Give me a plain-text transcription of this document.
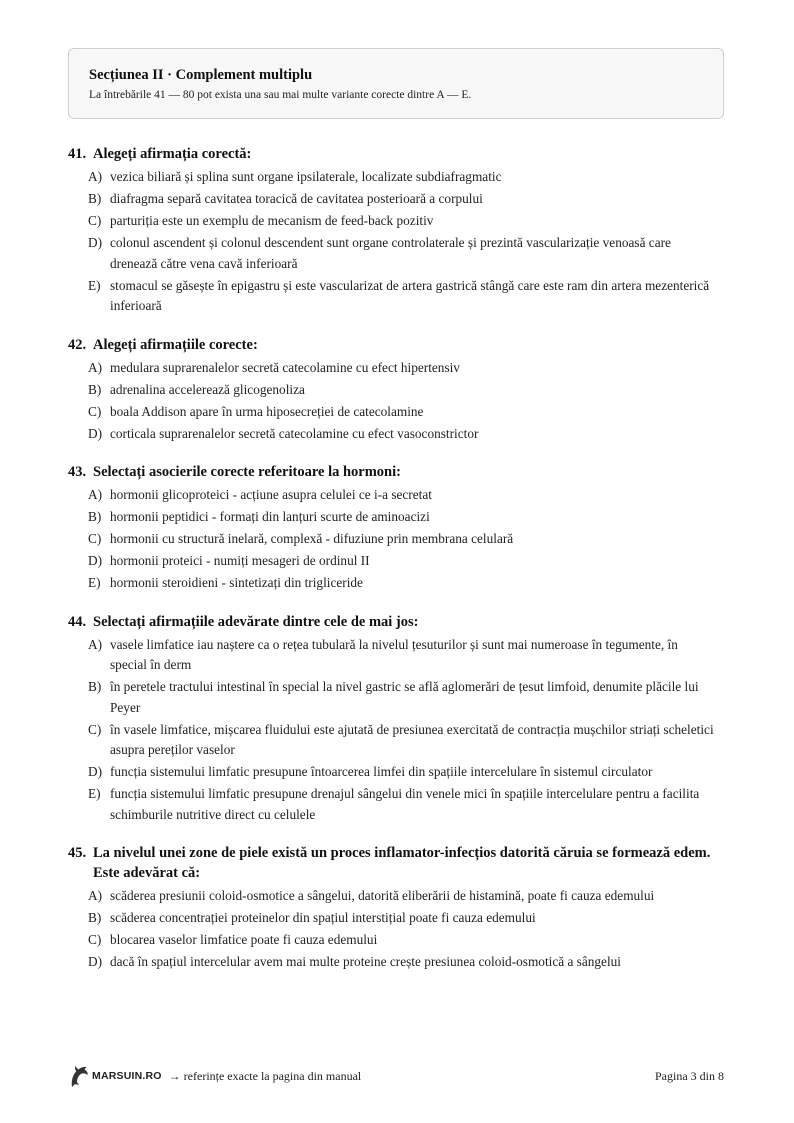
Secțiunea II · Complement multiplu
La întrebările 41 — 80 pot exista una sau mai multe variante corecte dintre A — E.
41. Alegeți afirmația corectă:
A) vezica biliară și splina sunt organe ipsilaterale, localizate subdiafragmatic
B) diafragma separă cavitatea toracică de cavitatea posterioară a corpului
C) parturiția este un exemplu de mecanism de feed-back pozitiv
D) colonul ascendent și colonul descendent sunt organe controlaterale și prezintă vascularizație venoasă care drenează către vena cavă inferioară
E) stomacul se găsește în epigastru și este vascularizat de artera gastrică stângă care este ram din artera mezenterică inferioară
42. Alegeți afirmațiile corecte:
A) medulara suprarenalelor secretă catecolamine cu efect hipertensiv
B) adrenalina accelerează glicogenoliza
C) boala Addison apare în urma hiposecreției de catecolamine
D) corticala suprarenalelor secretă catecolamine cu efect vasoconstrictor
43. Selectați asocierile corecte referitoare la hormoni:
A) hormonii glicoproteici - acțiune asupra celulei ce i-a secretat
B) hormonii peptidici - formați din lanțuri scurte de aminoacizi
C) hormonii cu structură inelară, complexă - difuziune prin membrana celulară
D) hormonii proteici - numiți mesageri de ordinul II
E) hormonii steroidieni - sintetizați din trigliceride
44. Selectați afirmațiile adevărate dintre cele de mai jos:
A) vasele limfatice iau naștere ca o rețea tubulară la nivelul țesuturilor și sunt mai numeroase în tegumente, în special în derm
B) în peretele tractului intestinal în special la nivel gastric se află aglomerări de țesut limfoid, denumite plăcile lui Peyer
C) în vasele limfatice, mișcarea fluidului este ajutată de presiunea exercitată de contracția mușchilor striați scheletici asupra pereților vaselor
D) funcția sistemului limfatic presupune întoarcerea limfei din spațiile intercelulare în sistemul circulator
E) funcția sistemului limfatic presupune drenajul sângelui din venele mici în spațiile intercelulare pentru a facilita schimburile nutritive direct cu celulele
45. La nivelul unei zone de piele există un proces inflamator-infecțios datorită căruia se formează edem. Este adevărat că:
A) scăderea presiunii coloid-osmotice a sângelui, datorită eliberării de histamină, poate fi cauza edemului
B) scăderea concentrației proteinelor din spațiul interstițial poate fi cauza edemului
C) blocarea vaselor limfatice poate fi cauza edemului
D) dacă în spațiul intercelular avem mai multe proteine crește presiunea coloid-osmotică a sângelui
MARSUIN.RO → referințe exacte la pagina din manual	Pagina 3 din 8
